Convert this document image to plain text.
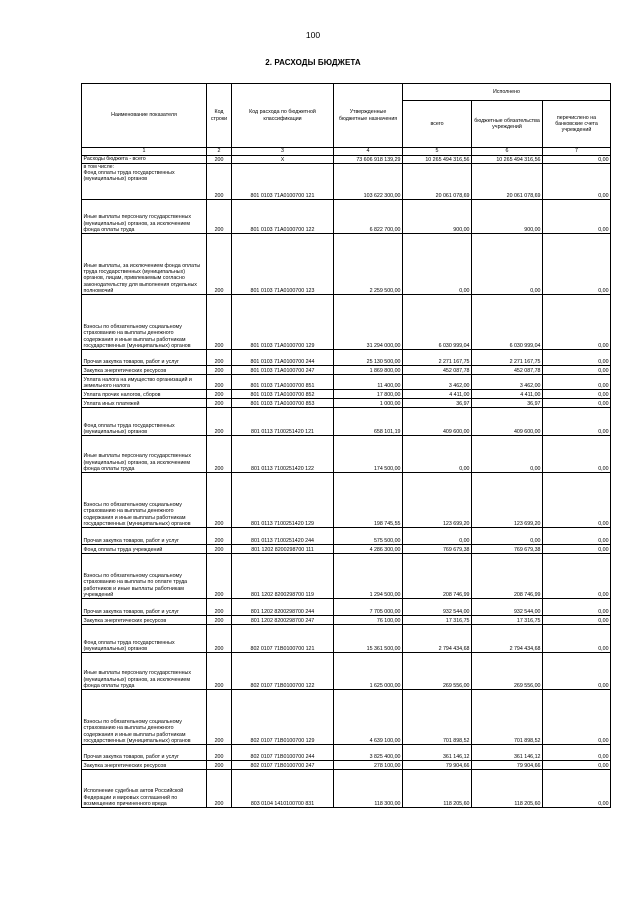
100
2. РАСХОДЫ БЮДЖЕТА
Наименование показателя	Код строки	Код расхода по бюджетной классификации	Утвержденные бюджетные назначения	Исполнено		
				всего	бюджетные обязательства учреждений	перечислено на банковские счета учреждений
1	2	3	4	5	6	7
Расходы бюджета - всего	200	X	73 606 918 139,29	10 265 494 316,56	10 265 494 316,56	0,00
в том числе:
Фонд оплаты труда государственных (муниципальных) органов	200	801 0103 71А0100700 121	103 622 300,00	20 061 078,69	20 061 078,69	0,00
Иные выплаты персоналу государственных (муниципальных) органов, за исключением фонда оплаты труда	200	801 0103 71А0100700 122	6 822 700,00	900,00	900,00	0,00
Иные выплаты, за исключением фонда оплаты труда государственных (муниципальных) органов, лицам, привлекаемым согласно законодательству для выполнения отдельных полномочий	200	801 0103 71А0100700 123	2 259 500,00	0,00	0,00	0,00
Взносы по обязательному социальному страхованию на выплаты денежного содержания и иные выплаты работникам государственных (муниципальных) органов	200	801 0103 71А0100700 129	31 294 000,00	6 030 999,04	6 030 999,04	0,00
Прочая закупка товаров, работ и услуг	200	801 0103 71А0100700 244	25 130 500,00	2 271 167,75	2 271 167,75	0,00
Закупка энергетических ресурсов	200	801 0103 71А0100700 247	1 869 800,00	452 087,78	452 087,78	0,00
Уплата налога на имущество организаций и земельного налога	200	801 0103 71А0100700 851	11 400,00	3 462,00	3 462,00	0,00
Уплата прочих налогов, сборов	200	801 0103 71А0100700 852	17 800,00	4 411,00	4 411,00	0,00
Уплата иных платежей	200	801 0103 71А0100700 853	1 000,00	36,97	36,97	0,00
Фонд оплаты труда государственных (муниципальных) органов	200	801 0113 7100251420 121	658 101,19	409 600,00	409 600,00	0,00
Иные выплаты персоналу государственных (муниципальных) органов, за исключением фонда оплаты труда	200	801 0113 7100251420 122	174 500,00	0,00	0,00	0,00
Взносы по обязательному социальному страхованию на выплаты денежного содержания и иные выплаты работникам государственных (муниципальных) органов	200	801 0113 7100251420 129	198 745,55	123 699,20	123 699,20	0,00
Прочая закупка товаров, работ и услуг	200	801 0113 7100251420 244	575 500,00	0,00	0,00	0,00
Фонд оплаты труда учреждений	200	801 1202 8200298700 111	4 286 300,00	769 679,38	769 679,38	0,00
Взносы по обязательному социальному страхованию на выплаты по оплате труда работников и иные выплаты работникам учреждений	200	801 1202 8200298700 119	1 294 500,00	208 746,99	208 746,99	0,00
Прочая закупка товаров, работ и услуг	200	801 1202 8200298700 244	7 705 000,00	932 544,00	932 544,00	0,00
Закупка энергетических ресурсов	200	801 1202 8200298700 247	76 100,00	17 316,75	17 316,75	0,00
Фонд оплаты труда государственных (муниципальных) органов	200	802 0107 71В0100700 121	15 361 500,00	2 794 434,68	2 794 434,68	0,00
Иные выплаты персоналу государственных (муниципальных) органов, за исключением фонда оплаты труда	200	802 0107 71В0100700 122	1 625 000,00	269 556,00	269 556,00	0,00
Взносы по обязательному социальному страхованию на выплаты денежного содержания и иные выплаты работникам государственных (муниципальных) органов	200	802 0107 71В0100700 129	4 639 100,00	701 898,52	701 898,52	0,00
Прочая закупка товаров, работ и услуг	200	802 0107 71В0100700 244	3 825 400,00	361 146,12	361 146,12	0,00
Закупка энергетических ресурсов	200	802 0107 71В0100700 247	278 100,00	79 904,66	79 904,66	0,00
Исполнение судебных актов Российской Федерации и мировых соглашений по возмещению причиненного вреда	200	803 0104 1410100700 831	118 300,00	118 205,60	118 205,60	0,00
